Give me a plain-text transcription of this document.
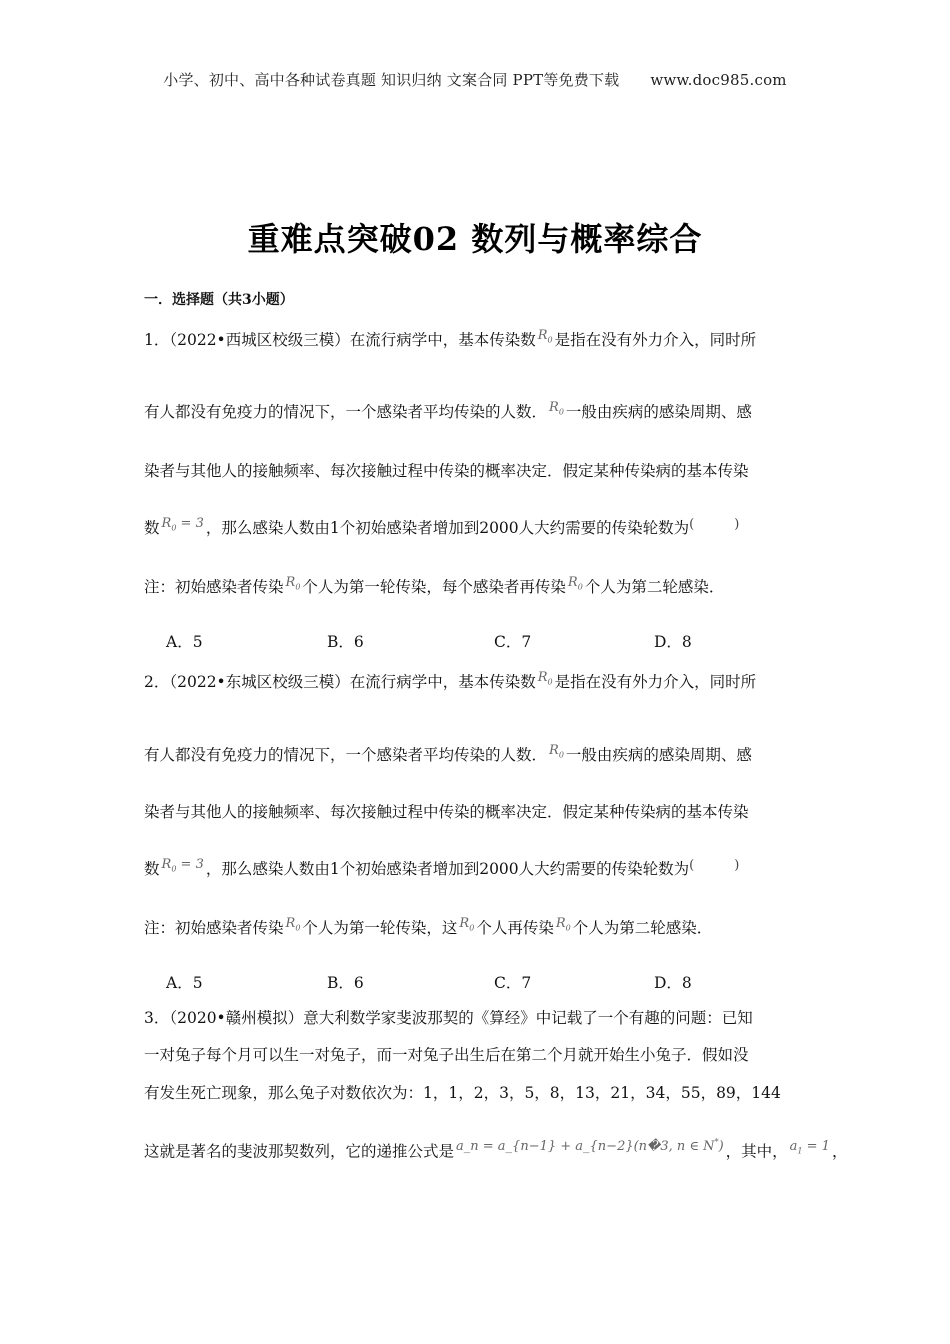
小学、初中、高中各种试卷真题 知识归纳 文案合同 PPT等免费下载 www.doc985.com
重难点突破02 数列与概率综合
一．选择题（共3小题）
1．（2022•西城区校级三模）在流行病学中，基本传染数 $^{R_0}$ 是指在没有外力介入，同时所
有人都没有免疫力的情况下，一个感染者平均传染的人数． $^{R_0}$ 一般由疾病的感染周期、感
染者与其他人的接触频率、每次接触过程中传染的概率决定．假定某种传染病的基本传染
数 $^{R_0 = 3}$ ，那么感染人数由1个初始感染者增加到2000人大约需要的传染轮数为(	)
注：初始感染者传染 $^{R_0}$ 个人为第一轮传染，每个感染者再传染 $^{R_0}$ 个人为第二轮感染．
A．5	B．6	C．7	D．8
2．（2022•东城区校级三模）在流行病学中，基本传染数 $^{R_0}$ 是指在没有外力介入，同时所
有人都没有免疫力的情况下，一个感染者平均传染的人数． $^{R_0}$ 一般由疾病的感染周期、感
染者与其他人的接触频率、每次接触过程中传染的概率决定．假定某种传染病的基本传染
数 $^{R_0 = 3}$ ，那么感染人数由1个初始感染者增加到2000人大约需要的传染轮数为(	)
注：初始感染者传染 $^{R_0}$ 个人为第一轮传染，这 $^{R_0}$ 个人再传染 $^{R_0}$ 个人为第二轮感染．
A．5	B．6	C．7	D．8
3．（2020•赣州模拟）意大利数学家斐波那契的《算经》中记载了一个有趣的问题：已知
一对兔子每个月可以生一对兔子，而一对兔子出生后在第二个月就开始生小兔子．假如没
有发生死亡现象，那么兔子对数依次为：1，1，2，3，5，8，13，21，34，55，89，144
这就是著名的斐波那契数列，它的递推公式是 $^{a\_n = a\_\{n-1\} + a\_\{n-2\}(n�3, n \in N^*)}$ ，其中， $^{a_1 = 1}$ ，
